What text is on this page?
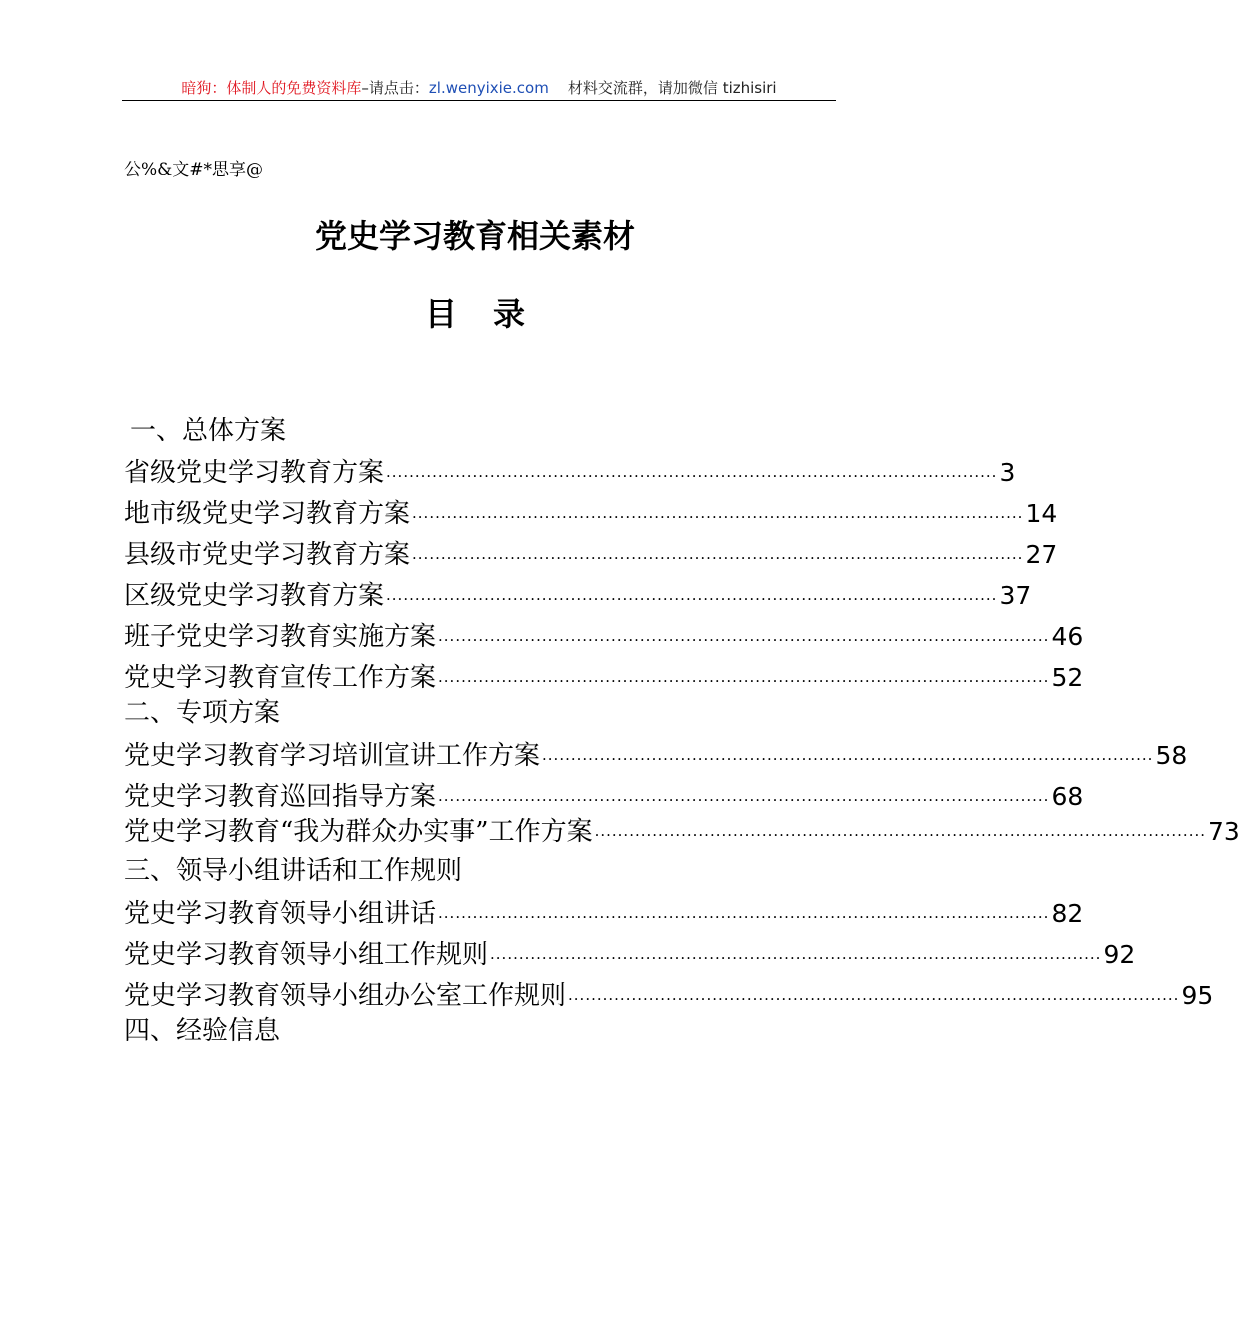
暗狗：体制人的免费资料库–请点击：zl.wenyixie.com 材料交流群，请加微信 tizhisiri
公%&文#*思享@
党史学习教育相关素材
目录
一、总体方案
省级党史学习教育方案 ·········································································································· 3
地市级党史学习教育方案 ·········································································································· 14
县级市党史学习教育方案 ·········································································································· 27
区级党史学习教育方案 ·········································································································· 37
班子党史学习教育实施方案 ·········································································································· 46
党史学习教育宣传工作方案 ·········································································································· 52
二、专项方案
党史学习教育学习培训宣讲工作方案 ·········································································································· 58
党史学习教育巡回指导方案 ·········································································································· 68
党史学习教育“我为群众办实事”工作方案 ·········································································································· 73
三、领导小组讲话和工作规则
党史学习教育领导小组讲话 ·········································································································· 82
党史学习教育领导小组工作规则 ·········································································································· 92
党史学习教育领导小组办公室工作规则 ·········································································································· 95
四、经验信息
